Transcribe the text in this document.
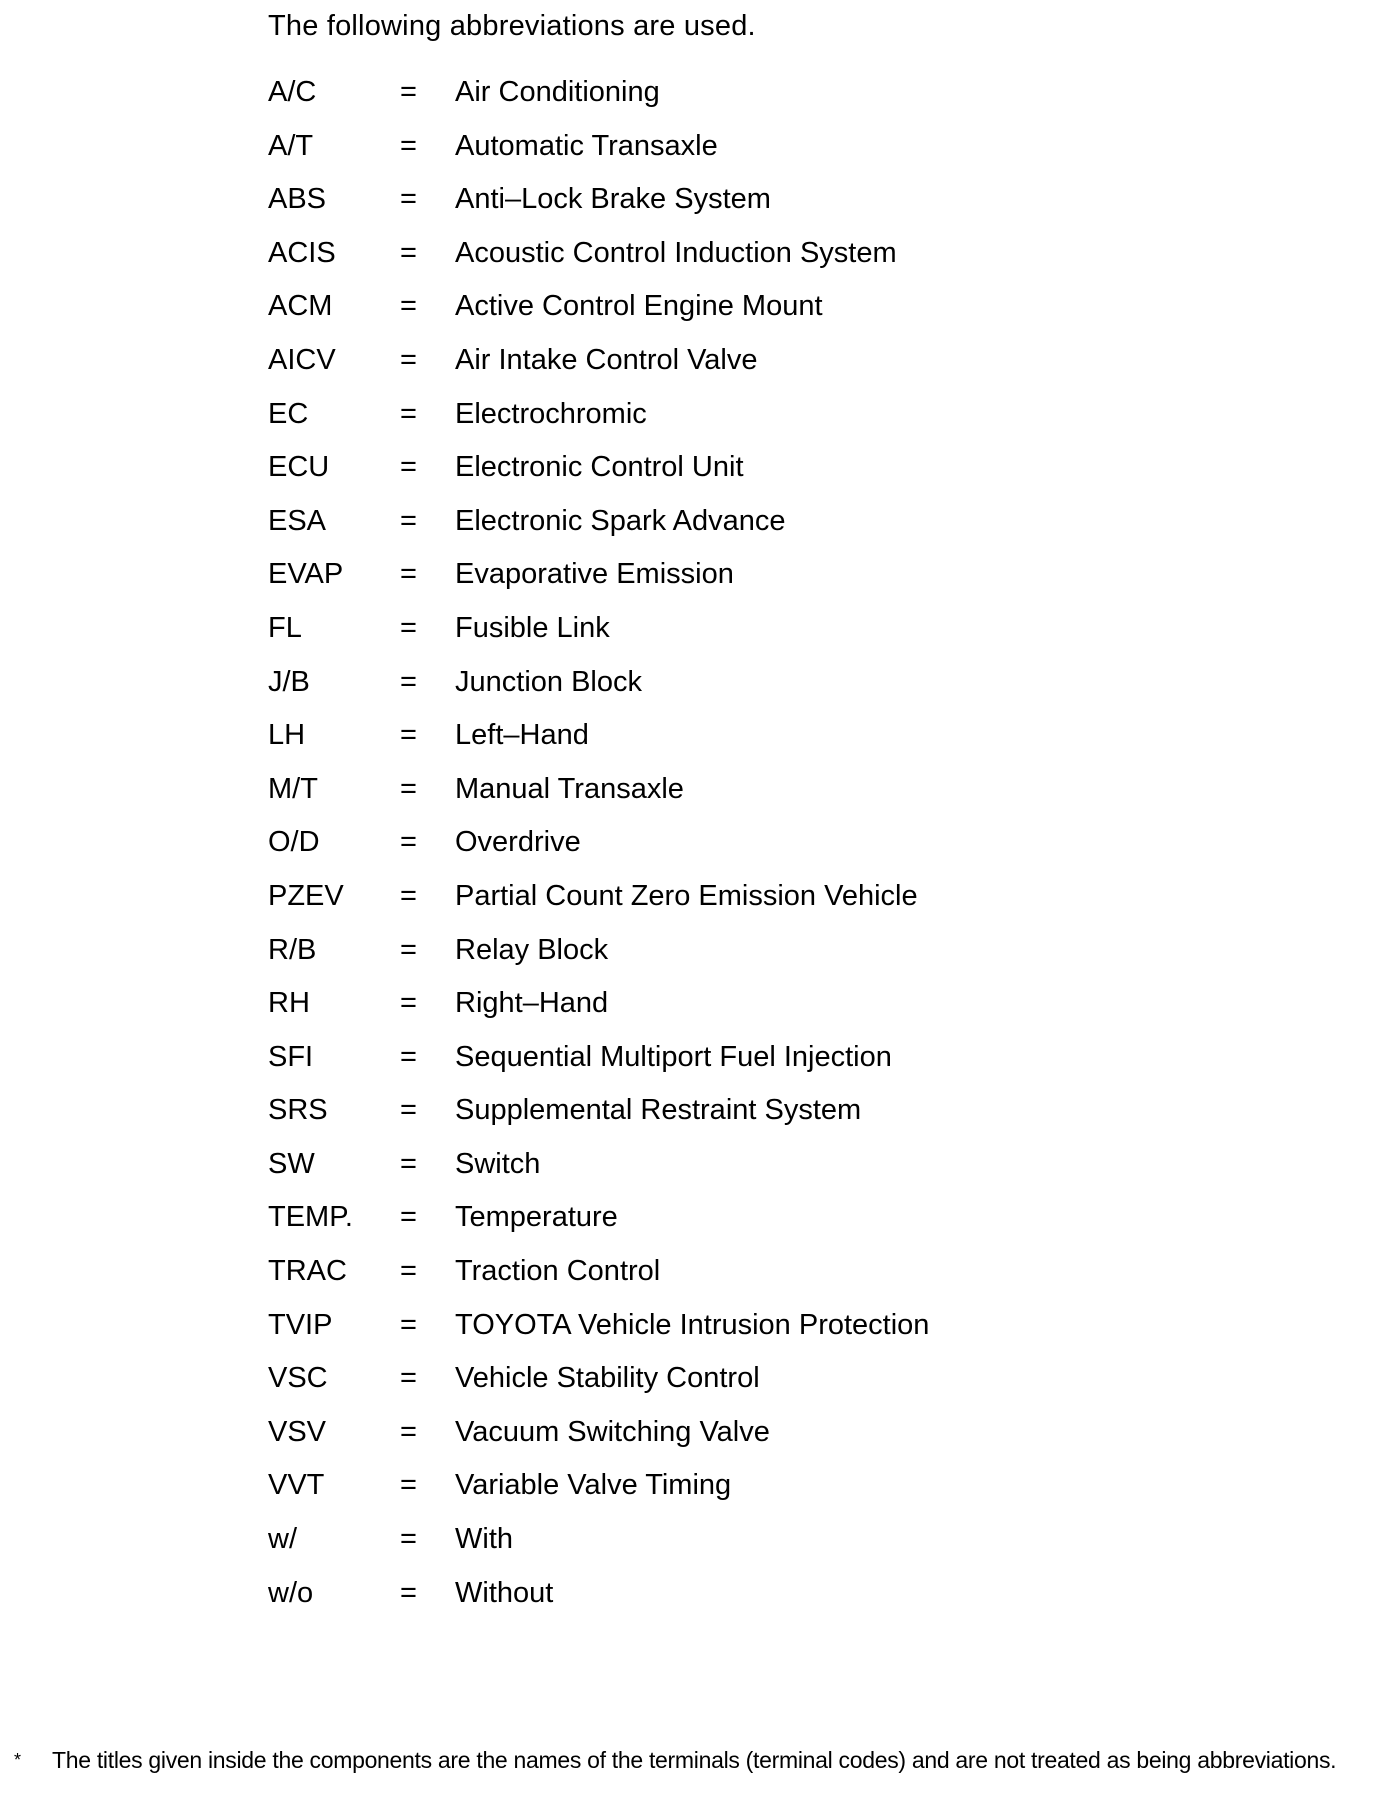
The following abbreviations are used.
A/C	=	Air Conditioning
A/T	=	Automatic Transaxle
ABS	=	Anti–Lock Brake System
ACIS	=	Acoustic Control Induction System
ACM	=	Active Control Engine Mount
AICV	=	Air Intake Control Valve
EC	=	Electrochromic
ECU	=	Electronic Control Unit
ESA	=	Electronic Spark Advance
EVAP	=	Evaporative Emission
FL	=	Fusible Link
J/B	=	Junction Block
LH	=	Left–Hand
M/T	=	Manual Transaxle
O/D	=	Overdrive
PZEV	=	Partial Count Zero Emission Vehicle
R/B	=	Relay Block
RH	=	Right–Hand
SFI	=	Sequential Multiport Fuel Injection
SRS	=	Supplemental Restraint System
SW	=	Switch
TEMP.	=	Temperature
TRAC	=	Traction Control
TVIP	=	TOYOTA Vehicle Intrusion Protection
VSC	=	Vehicle Stability Control
VSV	=	Vacuum Switching Valve
VVT	=	Variable Valve Timing
w/	=	With
w/o	=	Without
*	The titles given inside the components are the names of the terminals (terminal codes) and are not treated as being abbreviations.
